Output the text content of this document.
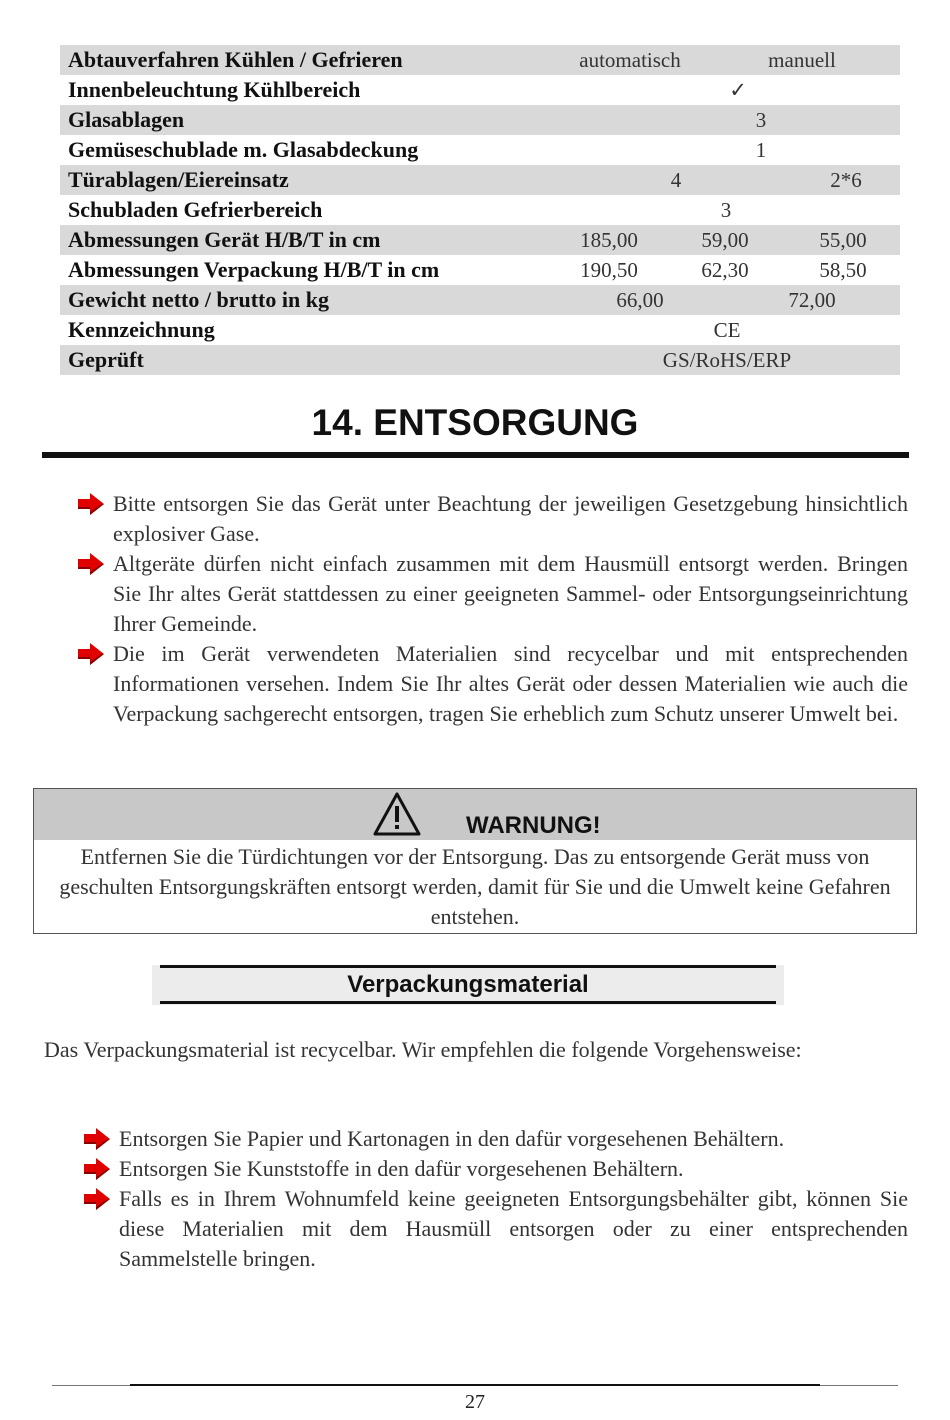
Abtauverfahren Kühlen / Gefrieren	automatisch	manuell
Innenbeleuchtung Kühlbereich	✓
Glasablagen	3
Gemüseschublade m. Glasabdeckung	1
Türablagen/Eiereinsatz	4	2*6
Schubladen Gefrierbereich	3
Abmessungen Gerät H/B/T in cm	185,00	59,00	55,00
Abmessungen Verpackung H/B/T in cm	190,50	62,30	58,50
Gewicht netto / brutto in kg	66,00	72,00
Kennzeichnung	CE
Geprüft	GS/RoHS/ERP
14. ENTSORGUNG
Bitte entsorgen Sie das Gerät unter Beachtung der jeweiligen Gesetzgebung hinsichtlich explosiver Gase.
Altgeräte dürfen nicht einfach zusammen mit dem Hausmüll entsorgt werden. Bringen Sie Ihr altes Gerät stattdessen zu einer geeigneten Sammel- oder Entsorgungseinrichtung Ihrer Gemeinde.
Die im Gerät verwendeten Materialien sind recycelbar und mit entsprechenden Informationen versehen. Indem Sie Ihr altes Gerät oder dessen Materialien wie auch die Verpackung sachgerecht entsorgen, tragen Sie erheblich zum Schutz unserer Umwelt bei.
WARNUNG!
Entfernen Sie die Türdichtungen vor der Entsorgung. Das zu entsorgende Gerät muss von geschulten Entsorgungskräften entsorgt werden, damit für Sie und die Umwelt keine Gefahren entstehen.
Verpackungsmaterial
Das Verpackungsmaterial ist recycelbar. Wir empfehlen die folgende Vorgehensweise:
Entsorgen Sie Papier und Kartonagen in den dafür vorgesehenen Behältern.
Entsorgen Sie Kunststoffe in den dafür vorgesehenen Behältern.
Falls es in Ihrem Wohnumfeld keine geeigneten Entsorgungsbehälter gibt, können Sie diese Materialien mit dem Hausmüll entsorgen oder zu einer entsprechenden Sammelstelle bringen.
27
